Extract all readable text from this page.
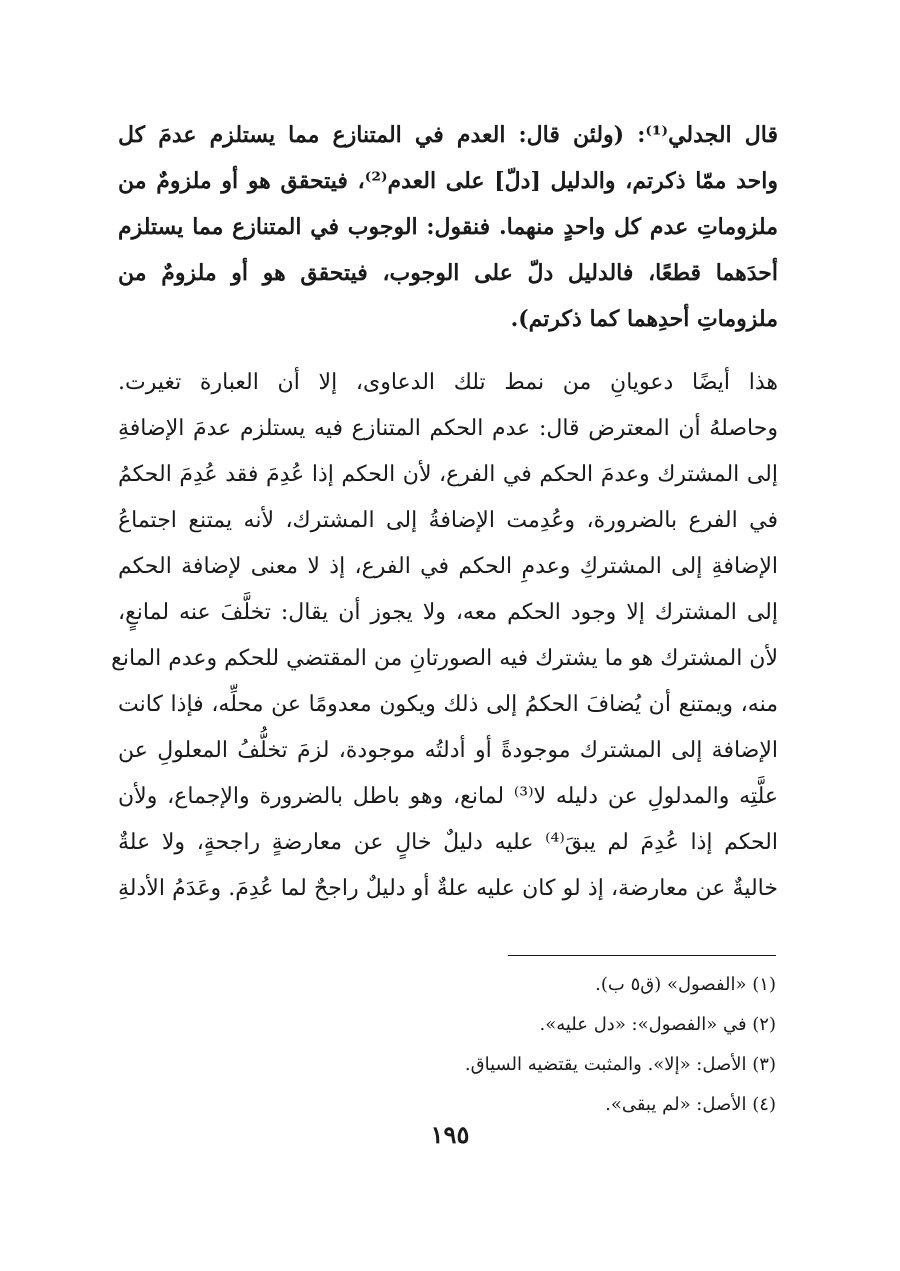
قال الجدلي⁽¹⁾: (ولئن قال: العدم في المتنازع مما يستلزم عدمَ كل
واحد ممّا ذكرتم، والدليل [دلّ] على العدم⁽²⁾، فيتحقق هو أو ملزومٌ من
ملزوماتِ عدم كل واحدٍ منهما. فنقول: الوجوب في المتنازع مما يستلزم
أحدَهما قطعًا، فالدليل دلّ على الوجوب، فيتحقق هو أو ملزومٌ من
ملزوماتِ أحدِهما كما ذكرتم).
هذا أيضًا دعويانِ من نمط تلك الدعاوى، إلا أن العبارة تغيرت.
وحاصلهُ أن المعترض قال: عدم الحكم المتنازع فيه يستلزم عدمَ الإضافةِ
إلى المشترك وعدمَ الحكم في الفرع، لأن الحكم إذا عُدِمَ فقد عُدِمَ الحكمُ
في الفرع بالضرورة، وعُدِمت الإضافةُ إلى المشترك، لأنه يمتنع اجتماعُ
الإضافةِ إلى المشتركِ وعدمِ الحكم في الفرع، إذ لا معنى لإضافة الحكم
إلى المشترك إلا وجود الحكم معه، ولا يجوز أن يقال: تخلَّفَ عنه لمانعٍ،
لأن المشترك هو ما يشترك فيه الصورتانِ من المقتضي للحكم وعدم المانع
منه، ويمتنع أن يُضافَ الحكمُ إلى ذلك ويكون معدومًا عن محلِّه، فإذا كانت
الإضافة إلى المشترك موجودةً أو أدلتُه موجودة، لزمَ تخلُّفُ المعلولِ عن
علَّتِه والمدلولِ عن دليله لا⁽³⁾ لمانع، وهو باطل بالضرورة والإجماع، ولأن
الحكم إذا عُدِمَ لم يبقَ⁽⁴⁾ عليه دليلٌ خالٍ عن معارضةٍ راجحةٍ، ولا علةٌ
خاليةٌ عن معارضة، إذ لو كان عليه علةٌ أو دليلٌ راجحٌ لما عُدِمَ. وعَدَمُ الأدلةِ
(١) «الفصول» (ق٥ ب).
(٢) في «الفصول»: «دل عليه».
(٣) الأصل: «إلا». والمثبت يقتضيه السياق.
(٤) الأصل: «لم يبقى».
١٩٥
